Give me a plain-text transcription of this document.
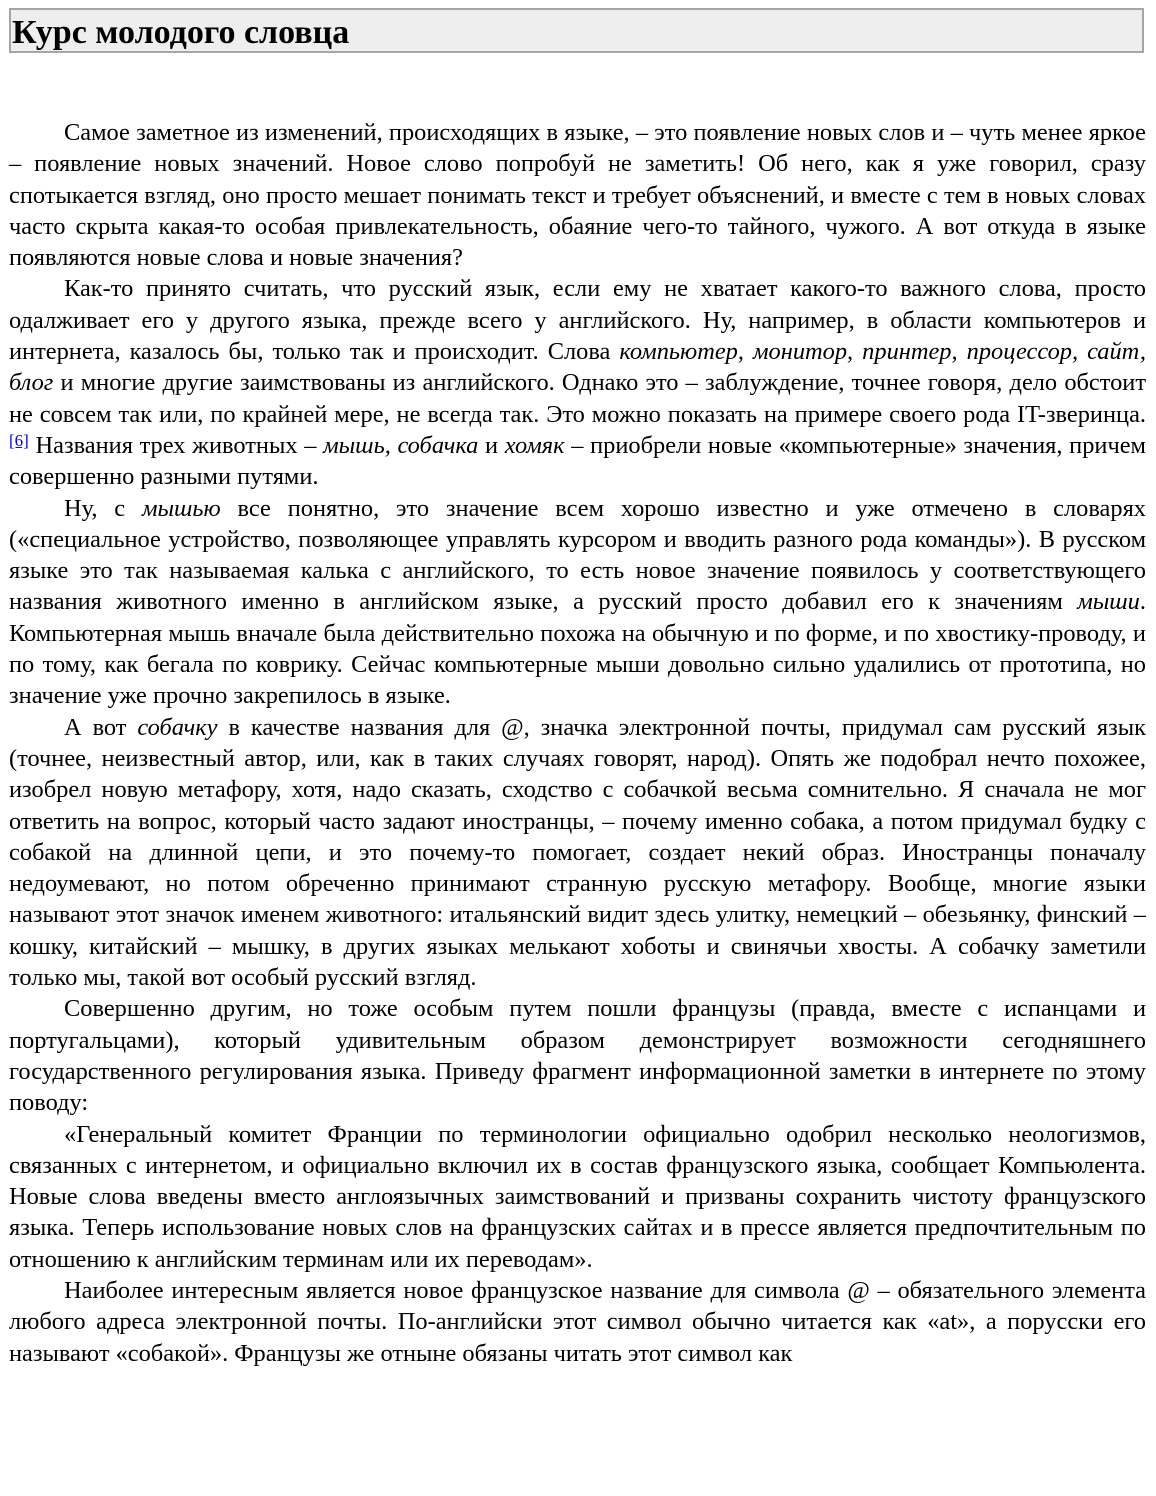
Курс молодого словца

Самое заметное из изменений, происходящих в языке, – это появление новых слов и – чуть менее яркое – появление новых значений. Новое слово попробуй не заметить! Об него, как я уже говорил, сразу спотыкается взгляд, оно просто мешает понимать текст и требует объяснений, и вместе с тем в новых словах часто скрыта какая-то особая привлекательность, обаяние чего-то тайного, чужого. А вот откуда в языке появляются новые слова и новые значения?

Как-то принято считать, что русский язык, если ему не хватает какого-то важного слова, просто одалживает его у другого языка, прежде всего у английского. Ну, например, в области компьютеров и интернета, казалось бы, только так и происходит. Слова компьютер, монитор, принтер, процессор, сайт, блог и многие другие заимствованы из английского. Однако это – заблуждение, точнее говоря, дело обстоит не совсем так или, по крайней мере, не всегда так. Это можно показать на примере своего рода IT-зверинца. [6] Названия трех животных – мышь, собачка и хомяк – приобрели новые «компьютерные» значения, причем совершенно разными путями.

Ну, с мышью все понятно, это значение всем хорошо известно и уже отмечено в словарях («специальное устройство, позволяющее управлять курсором и вводить разного рода команды»). В русском языке это так называемая калька с английского, то есть новое значение появилось у соответствующего названия животного именно в английском языке, а русский просто добавил его к значениям мыши. Компьютерная мышь вначале была действительно похожа на обычную и по форме, и по хвостику-проводу, и по тому, как бегала по коврику. Сейчас компьютерные мыши довольно сильно удалились от прототипа, но значение уже прочно закрепилось в языке.

А вот собачку в качестве названия для @, значка электронной почты, придумал сам русский язык (точнее, неизвестный автор, или, как в таких случаях говорят, народ). Опять же подобрал нечто похожее, изобрел новую метафору, хотя, надо сказать, сходство с собачкой весьма сомнительно. Я сначала не мог ответить на вопрос, который часто задают иностранцы, – почему именно собака, а потом придумал будку с собакой на длинной цепи, и это почему-то помогает, создает некий образ. Иностранцы поначалу недоумевают, но потом обреченно принимают странную русскую метафору. Вообще, многие языки называют этот значок именем животного: итальянский видит здесь улитку, немецкий – обезьянку, финский – кошку, китайский – мышку, в других языках мелькают хоботы и свинячьи хвосты. А собачку заметили только мы, такой вот особый русский взгляд.

Совершенно другим, но тоже особым путем пошли французы (правда, вместе с испанцами и португальцами), который удивительным образом демонстрирует возможности сегодняшнего государственного регулирования языка. Приведу фрагмент информационной заметки в интернете по этому поводу:

«Генеральный комитет Франции по терминологии официально одобрил несколько неологизмов, связанных с интернетом, и официально включил их в состав французского языка, сообщает Компьюлента. Новые слова введены вместо англоязычных заимствований и призваны сохранить чистоту французского языка. Теперь использование новых слов на французских сайтах и в прессе является предпочтительным по отношению к английским терминам или их переводам».

Наиболее интересным является новое французское название для символа @ – обязательного элемента любого адреса электронной почты. По-английски этот символ обычно читается как «at», а порусски его называют «собакой». Французы же отныне обязаны читать этот символ как
